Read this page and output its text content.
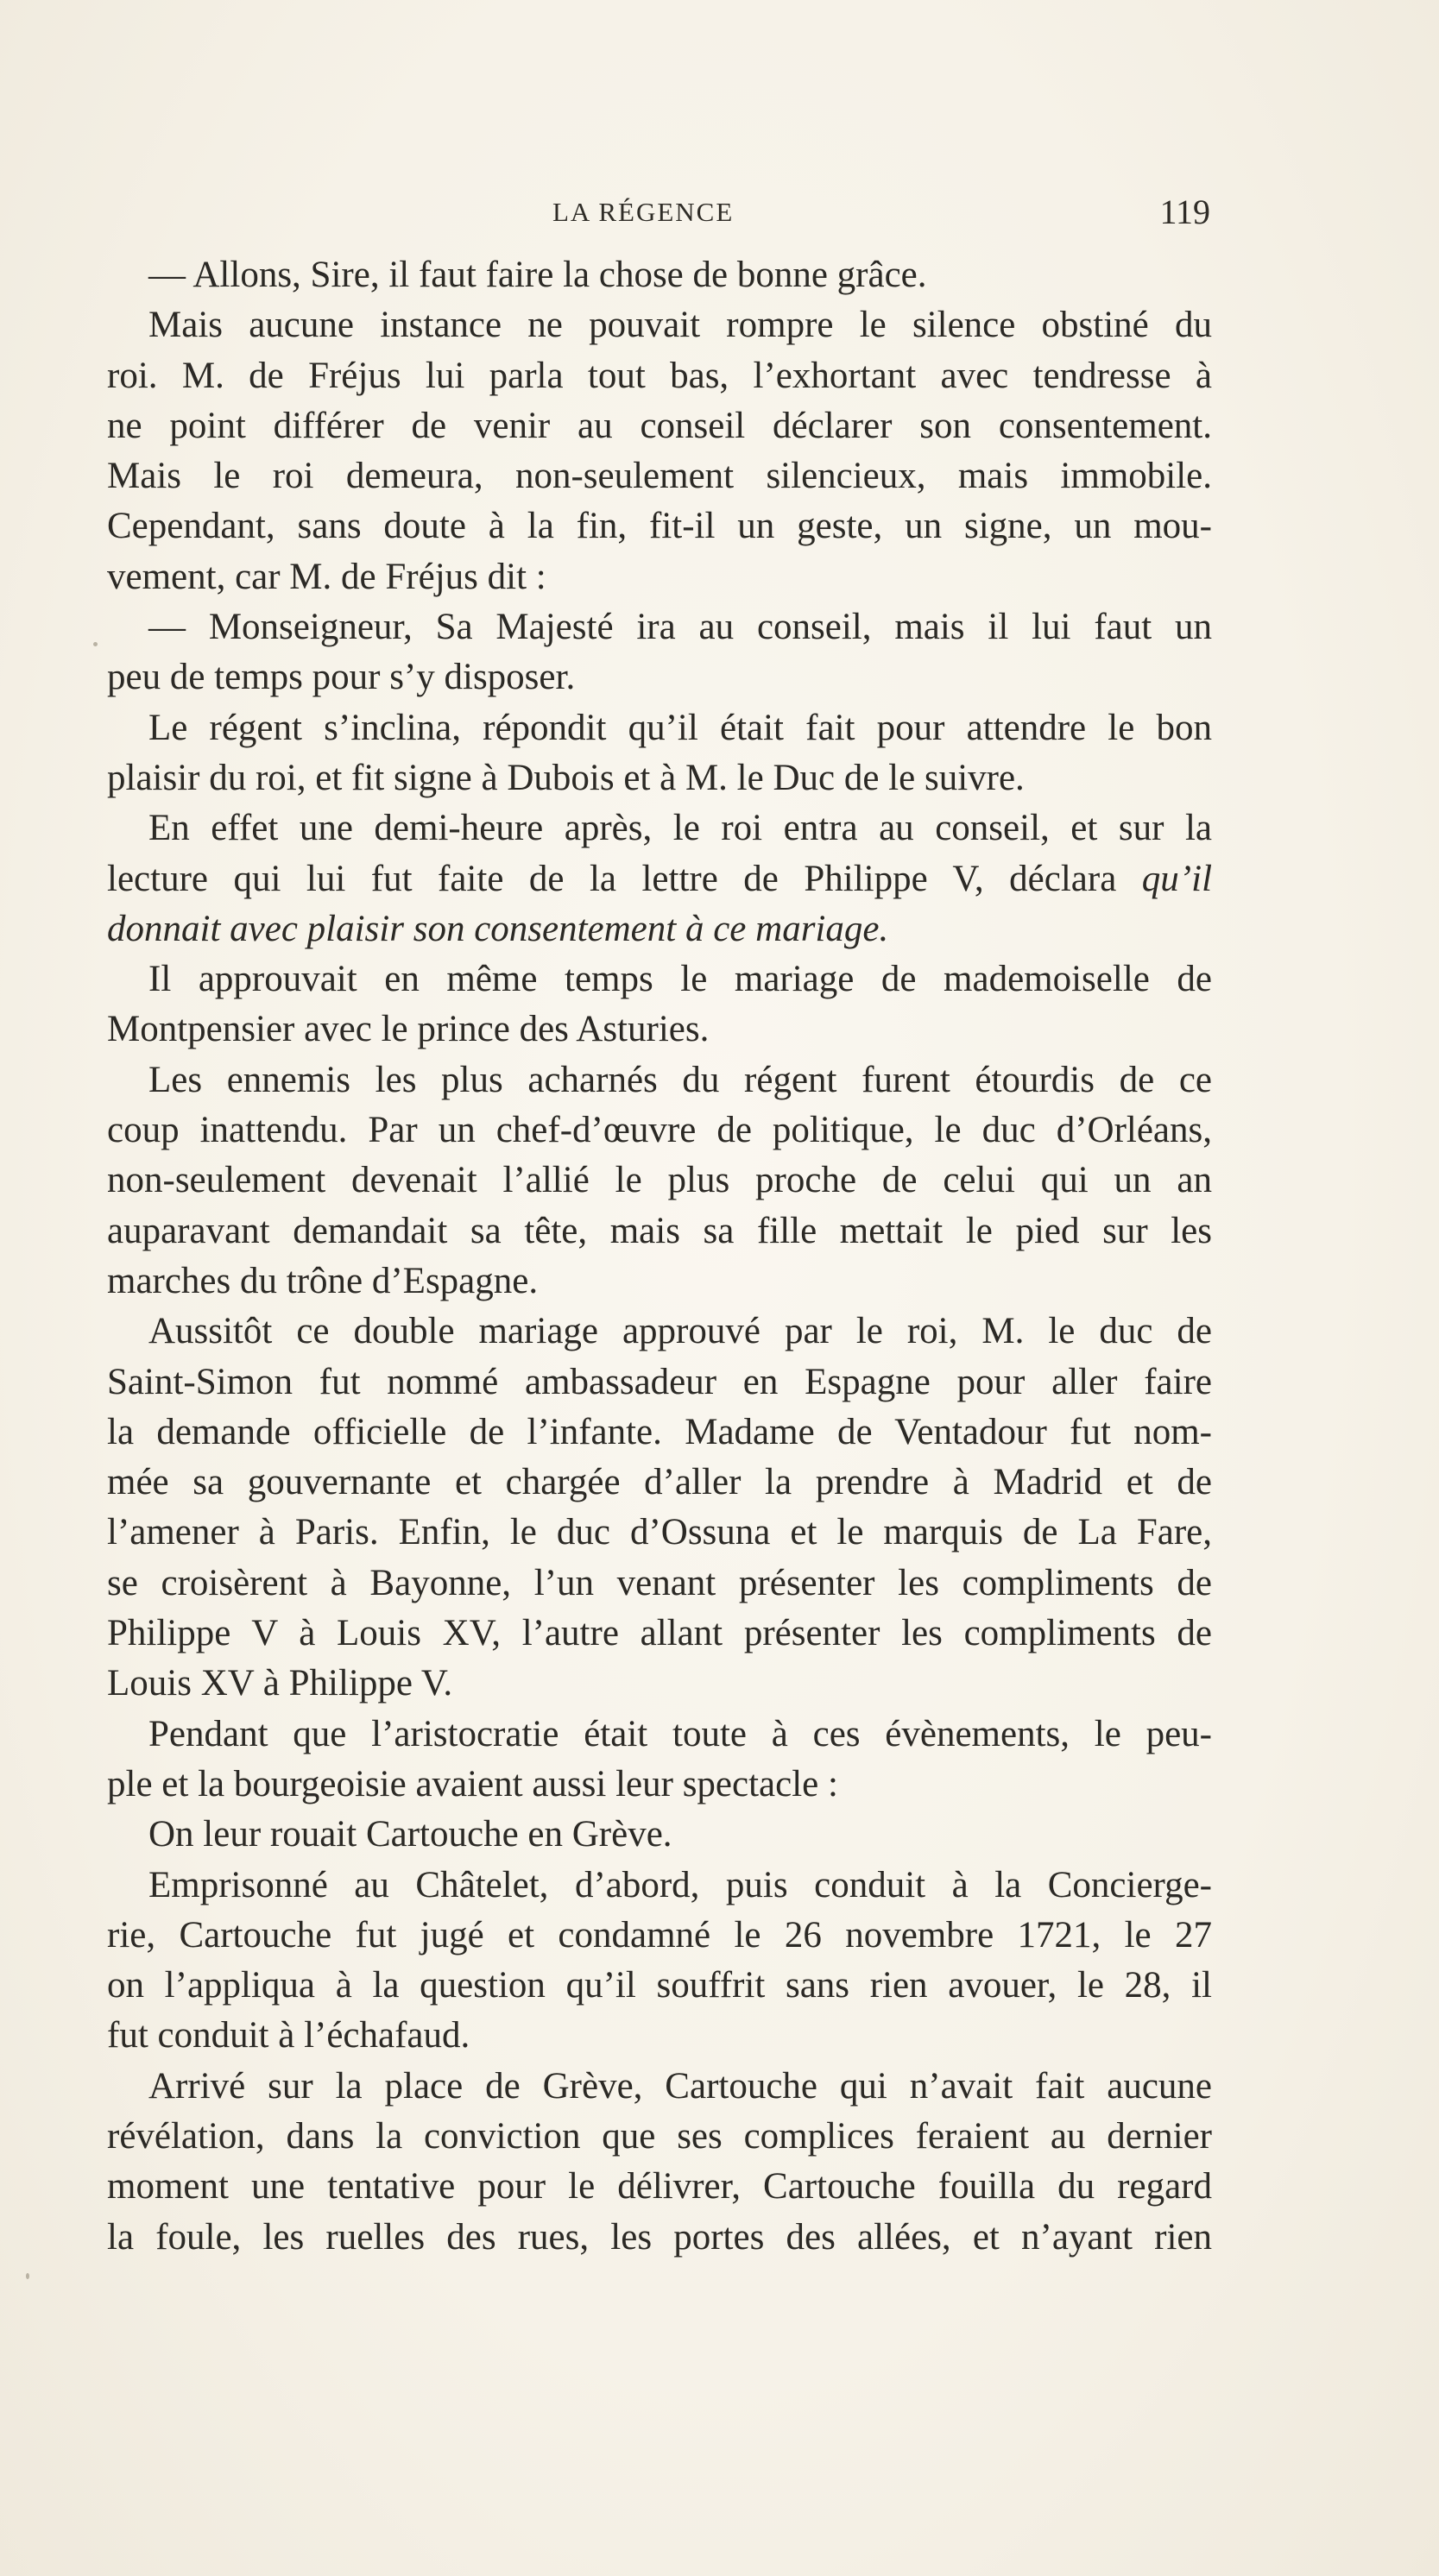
LA RÉGENCE	119
— Allons, Sire, il faut faire la chose de bonne grâce.
Mais aucune instance ne pouvait rompre le silence obstiné du
roi. M. de Fréjus lui parla tout bas, l’exhortant avec tendresse à
ne point différer de venir au conseil déclarer son consentement.
Mais le roi demeura, non-seulement silencieux, mais immobile.
Cependant, sans doute à la fin, fit-il un geste, un signe, un mou-
vement, car M. de Fréjus dit :
— Monseigneur, Sa Majesté ira au conseil, mais il lui faut un
peu de temps pour s’y disposer.
Le régent s’inclina, répondit qu’il était fait pour attendre le bon
plaisir du roi, et fit signe à Dubois et à M. le Duc de le suivre.
En effet une demi-heure après, le roi entra au conseil, et sur la
lecture qui lui fut faite de la lettre de Philippe V, déclara qu’il
donnait avec plaisir son consentement à ce mariage.
Il approuvait en même temps le mariage de mademoiselle de
Montpensier avec le prince des Asturies.
Les ennemis les plus acharnés du régent furent étourdis de ce
coup inattendu. Par un chef-d’œuvre de politique, le duc d’Orléans,
non-seulement devenait l’allié le plus proche de celui qui un an
auparavant demandait sa tête, mais sa fille mettait le pied sur les
marches du trône d’Espagne.
Aussitôt ce double mariage approuvé par le roi, M. le duc de
Saint-Simon fut nommé ambassadeur en Espagne pour aller faire
la demande officielle de l’infante. Madame de Ventadour fut nom-
mée sa gouvernante et chargée d’aller la prendre à Madrid et de
l’amener à Paris. Enfin, le duc d’Ossuna et le marquis de La Fare,
se croisèrent à Bayonne, l’un venant présenter les compliments de
Philippe V à Louis XV, l’autre allant présenter les compliments de
Louis XV à Philippe V.
Pendant que l’aristocratie était toute à ces évènements, le peu-
ple et la bourgeoisie avaient aussi leur spectacle :
On leur rouait Cartouche en Grève.
Emprisonné au Châtelet, d’abord, puis conduit à la Concierge-
rie, Cartouche fut jugé et condamné le 26 novembre 1721, le 27
on l’appliqua à la question qu’il souffrit sans rien avouer, le 28, il
fut conduit à l’échafaud.
Arrivé sur la place de Grève, Cartouche qui n’avait fait aucune
révélation, dans la conviction que ses complices feraient au dernier
moment une tentative pour le délivrer, Cartouche fouilla du regard
la foule, les ruelles des rues, les portes des allées, et n’ayant rien
